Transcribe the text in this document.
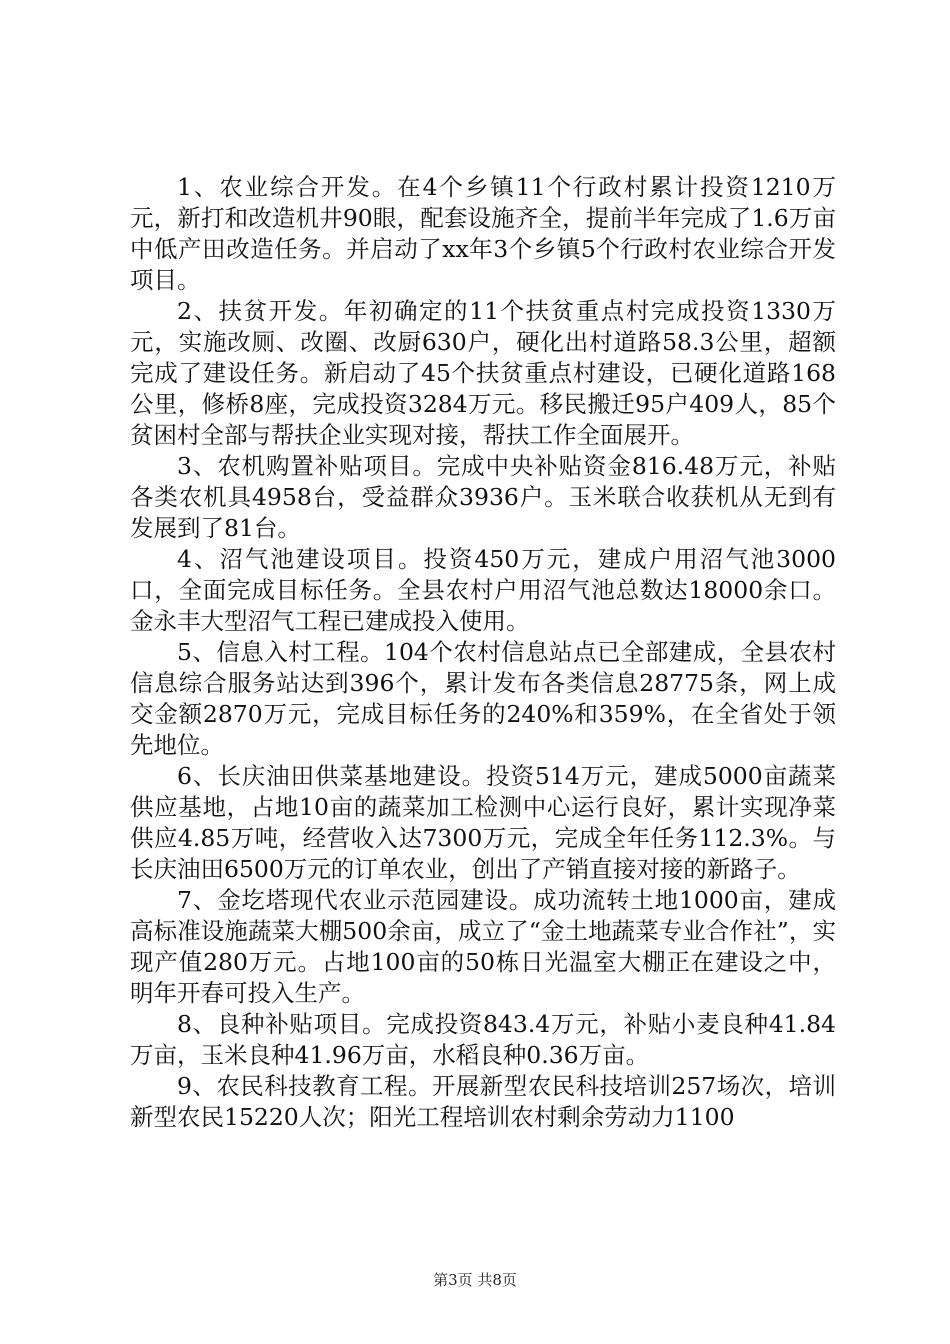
1、农业综合开发。在4个乡镇11个行政村累计投资1210万元，新打和改造机井90眼，配套设施齐全，提前半年完成了1.6万亩中低产田改造任务。并启动了xx年3个乡镇5个行政村农业综合开发项目。

2、扶贫开发。年初确定的11个扶贫重点村完成投资1330万元，实施改厕、改圈、改厨630户，硬化出村道路58.3公里，超额完成了建设任务。新启动了45个扶贫重点村建设，已硬化道路168公里，修桥8座，完成投资3284万元。移民搬迁95户409人，85个贫困村全部与帮扶企业实现对接，帮扶工作全面展开。

3、农机购置补贴项目。完成中央补贴资金816.48万元，补贴各类农机具4958台，受益群众3936户。玉米联合收获机从无到有发展到了81台。

4、沼气池建设项目。投资450万元，建成户用沼气池3000口，全面完成目标任务。全县农村户用沼气池总数达18000余口。金永丰大型沼气工程已建成投入使用。

5、信息入村工程。104个农村信息站点已全部建成，全县农村信息综合服务站达到396个，累计发布各类信息28775条，网上成交金额2870万元，完成目标任务的240%和359%，在全省处于领先地位。

6、长庆油田供菜基地建设。投资514万元，建成5000亩蔬菜供应基地，占地10亩的蔬菜加工检测中心运行良好，累计实现净菜供应4.85万吨，经营收入达7300万元，完成全年任务112.3%。与长庆油田6500万元的订单农业，创出了产销直接对接的新路子。

7、金圪塔现代农业示范园建设。成功流转土地1000亩，建成高标准设施蔬菜大棚500余亩，成立了“金土地蔬菜专业合作社”，实现产值280万元。占地100亩的50栋日光温室大棚正在建设之中，明年开春可投入生产。

8、良种补贴项目。完成投资843.4万元，补贴小麦良种41.84万亩，玉米良种41.96万亩，水稻良种0.36万亩。

9、农民科技教育工程。开展新型农民科技培训257场次，培训新型农民15220人次；阳光工程培训农村剩余劳动力1100

第3页 共8页
